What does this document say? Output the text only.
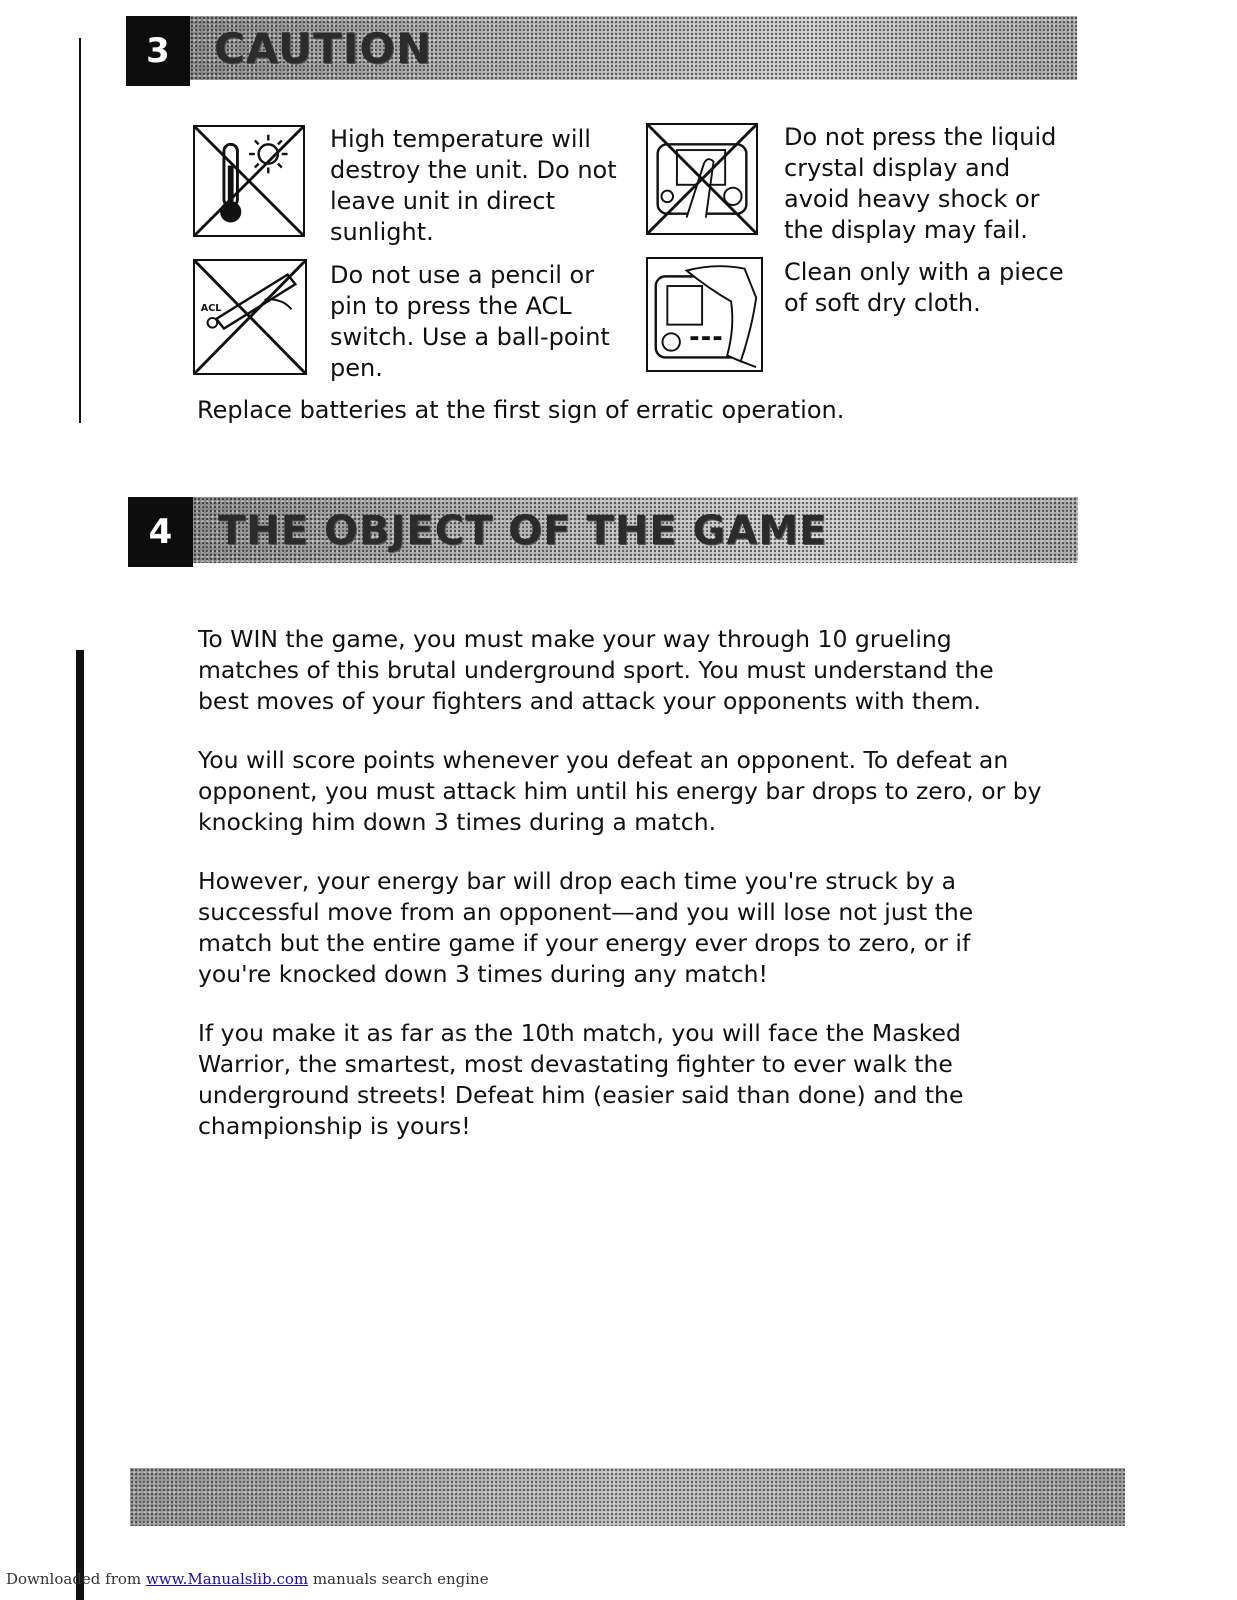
3	CAUTION
High temperature will destroy the unit. Do not leave unit in direct sunlight.
Do not press the liquid crystal display and avoid heavy shock or the display may fail.
ACL
Do not use a pencil or pin to press the ACL switch. Use a ball-point pen.
Clean only with a piece of soft dry cloth.
Replace batteries at the first sign of erratic operation.
4	THE OBJECT OF THE GAME

To WIN the game, you must make your way through 10 grueling matches of this brutal underground sport. You must understand the best moves of your fighters and attack your opponents with them.

You will score points whenever you defeat an opponent. To defeat an opponent, you must attack him until his energy bar drops to zero, or by knocking him down 3 times during a match.

However, your energy bar will drop each time you're struck by a successful move from an opponent—and you will lose not just the match but the entire game if your energy ever drops to zero, or if you're knocked down 3 times during any match!

If you make it as far as the 10th match, you will face the Masked Warrior, the smartest, most devastating fighter to ever walk the underground streets! Defeat him (easier said than done) and the championship is yours!

Downloaded from www.Manualslib.com manuals search engine
